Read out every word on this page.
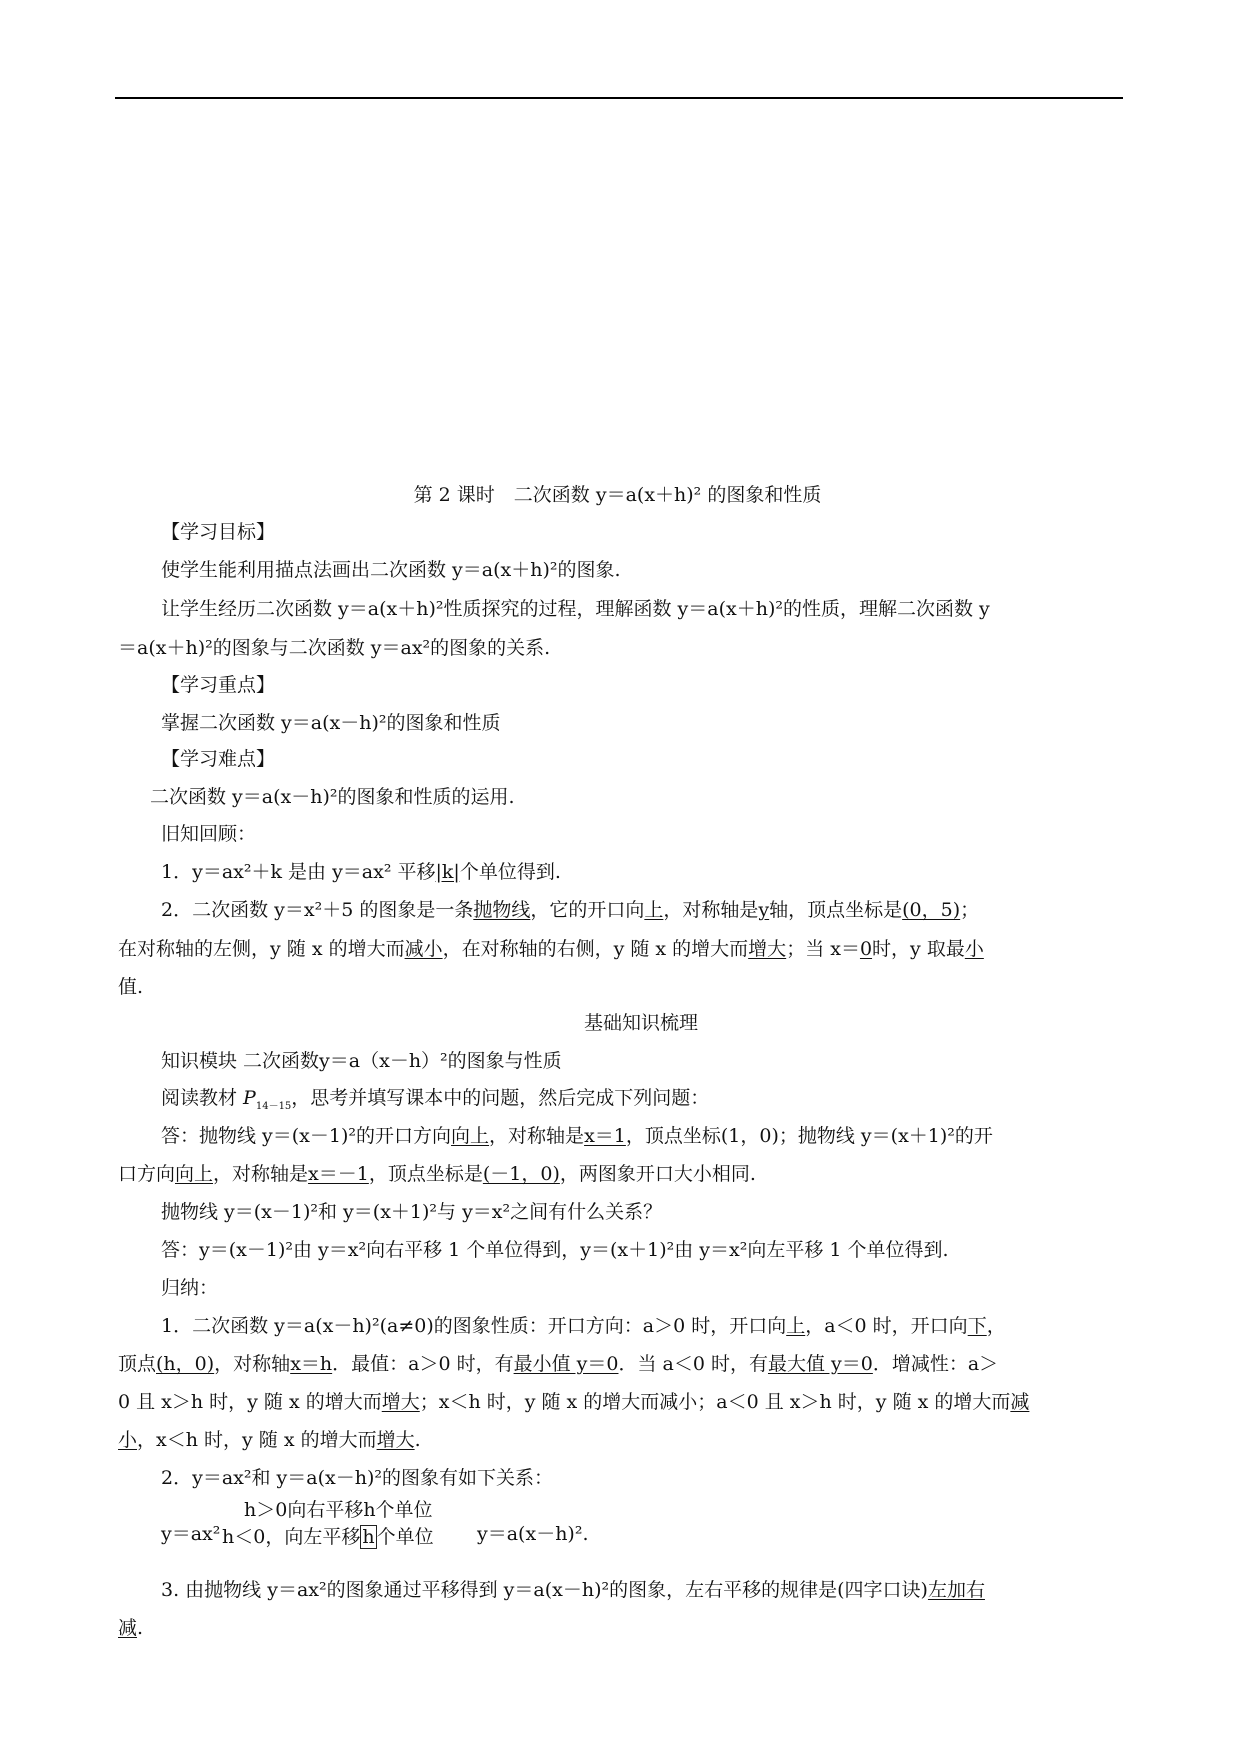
第 2 课时　二次函数 y＝a(x＋h)² 的图象和性质
【学习目标】
使学生能利用描点法画出二次函数 y＝a(x＋h)²的图象.
让学生经历二次函数 y＝a(x＋h)²性质探究的过程，理解函数 y＝a(x＋h)²的性质，理解二次函数 y
＝a(x＋h)²的图象与二次函数 y＝ax²的图象的关系.
【学习重点】
掌握二次函数 y＝a(x－h)²的图象和性质
【学习难点】
二次函数 y＝a(x－h)²的图象和性质的运用.
旧知回顾：
1．y＝ax²＋k 是由 y＝ax² 平移|k|个单位得到.
2．二次函数 y＝x²＋5 的图象是一条抛物线，它的开口向上，对称轴是y轴，顶点坐标是(0，5)；
在对称轴的左侧，y 随 x 的增大而减小，在对称轴的右侧，y 随 x 的增大而增大；当 x＝0时，y 取最小
值.
基础知识梳理
知识模块 二次函数y＝a（x－h）²的图象与性质
阅读教材 $P_{14-15}$，思考并填写课本中的问题，然后完成下列问题：
答：抛物线 y＝(x－1)²的开口方向向上，对称轴是x＝1，顶点坐标(1，0)；抛物线 y＝(x＋1)²的开
口方向向上，对称轴是x＝－1，顶点坐标是(－1，0)，两图象开口大小相同.
抛物线 y＝(x－1)²和 y＝(x＋1)²与 y＝x²之间有什么关系？
答：y＝(x－1)²由 y＝x²向右平移 1 个单位得到，y＝(x＋1)²由 y＝x²向左平移 1 个单位得到.
归纳：
1．二次函数 y＝a(x－h)²(a≠0)的图象性质：开口方向：a＞0 时，开口向上，a＜0 时，开口向下，
顶点(h，0)，对称轴x＝h．最值：a＞0 时，有最小值 y＝0．当 a＜0 时，有最大值 y＝0．增减性：a＞
0 且 x＞h 时，y 随 x 的增大而增大；x＜h 时，y 随 x 的增大而减小；a＜0 且 x＞h 时，y 随 x 的增大而减
小，x＜h 时，y 随 x 的增大而增大.
2．y＝ax²和 y＝a(x－h)²的图象有如下关系：
h＞0向右平移h个单位
y＝ax² h＜0，向左平移 h 个单位 y＝a(x－h)².
3. 由抛物线 y＝ax²的图象通过平移得到 y＝a(x－h)²的图象，左右平移的规律是(四字口诀)左加右
减.
